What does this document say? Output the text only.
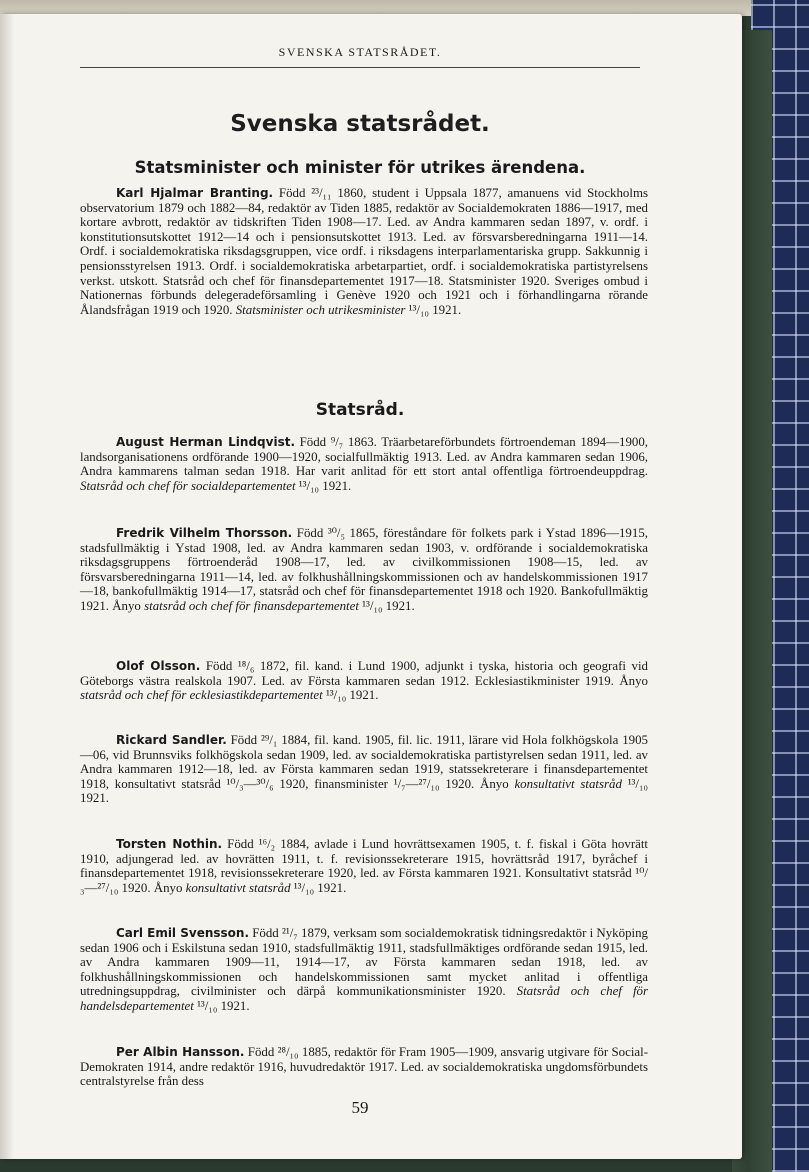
SVENSKA STATSRÅDET.
Svenska statsrådet.
Statsminister och minister för utrikes ärendena.
Karl Hjalmar Branting. Född ²³/₁₁ 1860, student i Uppsala 1877, amanuens vid Stockholms observatorium 1879 och 1882—84, redaktör av Tiden 1885, redaktör av Socialdemokraten 1886—1917, med kortare avbrott, redaktör av tidskriften Tiden 1908—17. Led. av Andra kammaren sedan 1897, v. ordf. i konstitutionsutskottet 1912—14 och i pensionsutskottet 1913. Led. av försvarsberedningarna 1911—14. Ordf. i socialdemokratiska riksdagsgruppen, vice ordf. i riksdagens interparlamentariska grupp. Sakkunnig i pensionsstyrelsen 1913. Ordf. i socialdemokratiska arbetarpartiet, ordf. i socialdemokratiska partistyrelsens verkst. utskott. Statsråd och chef för finansdepartementet 1917—18. Statsminister 1920. Sveriges ombud i Nationernas förbunds delegeradeförsamling i Genève 1920 och 1921 och i förhandlingarna rörande Ålandsfrågan 1919 och 1920. Statsminister och utrikesminister ¹³/₁₀ 1921.
Statsråd.
August Herman Lindqvist. Född ⁹/₇ 1863. Träarbetareförbundets förtroendeman 1894—1900, landsorganisationens ordförande 1900—1920, socialfullmäktig 1913. Led. av Andra kammaren sedan 1906, Andra kammarens talman sedan 1918. Har varit anlitad för ett stort antal offentliga förtroendeuppdrag. Statsråd och chef för socialdepartementet ¹³/₁₀ 1921.
Fredrik Vilhelm Thorsson. Född ³⁰/₅ 1865, föreståndare för folkets park i Ystad 1896—1915, stadsfullmäktig i Ystad 1908, led. av Andra kammaren sedan 1903, v. ordförande i socialdemokratiska riksdagsgruppens förtroenderåd 1908—17, led. av civilkommissionen 1908—15, led. av försvarsberedningarna 1911—14, led. av folkhushållningskommissionen och av handelskommissionen 1917—18, bankofullmäktig 1914—17, statsråd och chef för finansdepartementet 1918 och 1920. Bankofullmäktig 1921. Ånyo statsråd och chef för finansdepartementet ¹³/₁₀ 1921.
Olof Olsson. Född ¹⁸/₆ 1872, fil. kand. i Lund 1900, adjunkt i tyska, historia och geografi vid Göteborgs västra realskola 1907. Led. av Första kammaren sedan 1912. Ecklesiastikminister 1919. Ånyo statsråd och chef för ecklesiastikdepartementet ¹³/₁₀ 1921.
Rickard Sandler. Född ²⁹/₁ 1884, fil. kand. 1905, fil. lic. 1911, lärare vid Hola folkhögskola 1905—06, vid Brunnsviks folkhögskola sedan 1909, led. av socialdemokratiska partistyrelsen sedan 1911, led. av Andra kammaren 1912—18, led. av Första kammaren sedan 1919, statssekreterare i finansdepartementet 1918, konsultativt statsråd ¹⁰/₃—³⁰/₆ 1920, finansminister ¹/₇—²⁷/₁₀ 1920. Ånyo konsultativt statsråd ¹³/₁₀ 1921.
Torsten Nothin. Född ¹⁶/₂ 1884, avlade i Lund hovrättsexamen 1905, t. f. fiskal i Göta hovrätt 1910, adjungerad led. av hovrätten 1911, t. f. revisionssekreterare 1915, hovrättsråd 1917, byråchef i finansdepartementet 1918, revisionssekreterare 1920, led. av Första kammaren 1921. Konsultativt statsråd ¹⁰/₃—²⁷/₁₀ 1920. Ånyo konsultativt statsråd ¹³/₁₀ 1921.
Carl Emil Svensson. Född ²¹/₇ 1879, verksam som socialdemokratisk tidningsredaktör i Nyköping sedan 1906 och i Eskilstuna sedan 1910, stadsfullmäktig 1911, stadsfullmäktiges ordförande sedan 1915, led. av Andra kammaren 1909—11, 1914—17, av Första kammaren sedan 1918, led. av folkhushållningskommissionen och handelskommissionen samt mycket anlitad i offentliga utredningsuppdrag, civilminister och därpå kommunikationsminister 1920. Statsråd och chef för handelsdepartementet ¹³/₁₀ 1921.
Per Albin Hansson. Född ²⁸/₁₀ 1885, redaktör för Fram 1905—1909, ansvarig utgivare för Social-Demokraten 1914, andre redaktör 1916, huvudredaktör 1917. Led. av socialdemokratiska ungdomsförbundets centralstyrelse från dess
59
